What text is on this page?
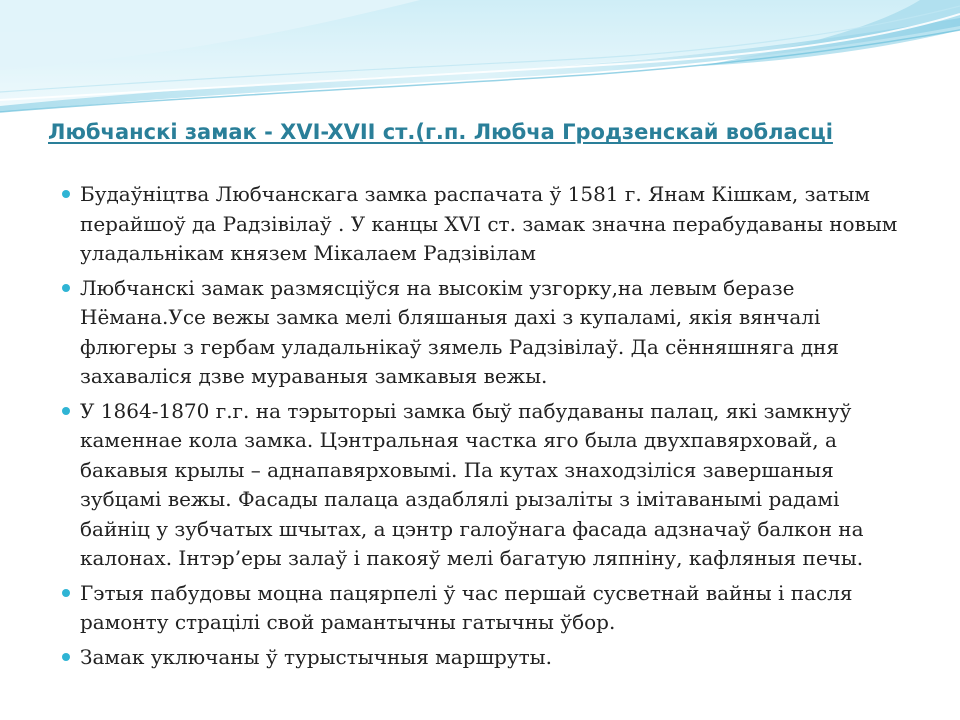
Любчанскі замак - XVI-XVII ст.(г.п. Любча Гродзенскай вобласці
Будаўніцтва Любчанскага замка распачата ў 1581 г. Янам Кішкам, затым перайшоў да Радзівілаў . У канцы XVI ст. замак значна перабудаваны новым уладальнікам князем Мікалаем Радзівілам
Любчанскі замак размясціўся на высокім узгорку,на левым беразе Нёмана.Усе вежы замка мелі бляшаныя дахі з купаламі, якія вянчалі флюгеры з гербам уладальнікаў зямель Радзівілаў. Да сённяшняга дня захаваліся дзве мураваныя замкавыя вежы.
У 1864-1870 г.г. на тэрыторыі замка быў пабудаваны палац, які замкнуў каменнае кола замка. Цэнтральная частка яго была двухпавярховай, а бакавыя крылы – аднапавярховымі. Па кутах знаходзіліся завершаныя зубцамі вежы. Фасады палаца аздаблялі рызаліты з імітаванымі радамі байніц у зубчатых шчытах, а цэнтр галоўнага фасада адзначаў балкон на калонах. Інтэр’еры залаў і пакояў мелі багатую ляпніну, кафляныя печы.
Гэтыя пабудовы моцна пацярпелі ў час першай сусветнай вайны і пасля рамонту страцілі свой рамантычны гатычны ўбор.
Замак уключаны ў турыстычныя маршруты.
